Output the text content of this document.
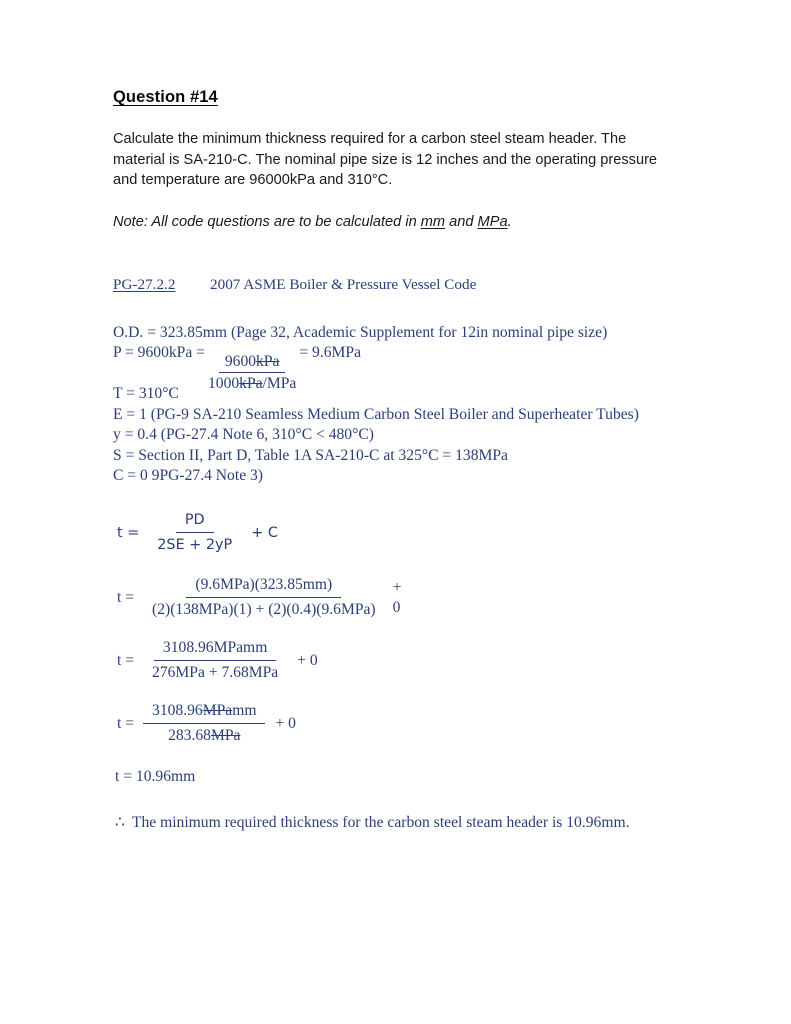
Question #14

Calculate the minimum thickness required for a carbon steel steam header. The material is SA-210-C. The nominal pipe size is 12 inches and the operating pressure and temperature are 96000kPa and 310°C.

Note: All code questions are to be calculated in mm and MPa.

PG-27.2.2	2007 ASME Boiler & Pressure Vessel Code
O.D. = 323.85mm (Page 32, Academic Supplement for 12in nominal pipe size)
$P = 9600kPa = \frac{\text{9600kPa}}{\text{1000kPa/MPa}} = 9.6MPa$
T = 310°C
E = 1 (PG-9 SA-210 Seamless Medium Carbon Steel Boiler and Superheater Tubes)
y = 0.4 (PG-27.4 Note 6, 310°C < 480°C)
S = Section II, Part D, Table 1A SA-210-C at 325°C = 138MPa
C = 0 9PG-27.4 Note 3)
$t = \frac{PD}{2SE + 2yP} + C$
$t = \frac{\text{(9.6MPa)(323.85mm)}}{\text{(2)(138MPa)(1) + (2)(0.4)(9.6MPa)}}$ +
0
$t = \frac{\text{3108.96MPamm}}{\text{276MPa + 7.68MPa}} + 0$
$t = \frac{\text{3108.96MPamm}}{\text{283.68MPa}} + 0$
t = 10.96mm
∴ The minimum required thickness for the carbon steel steam header is 10.96mm.
